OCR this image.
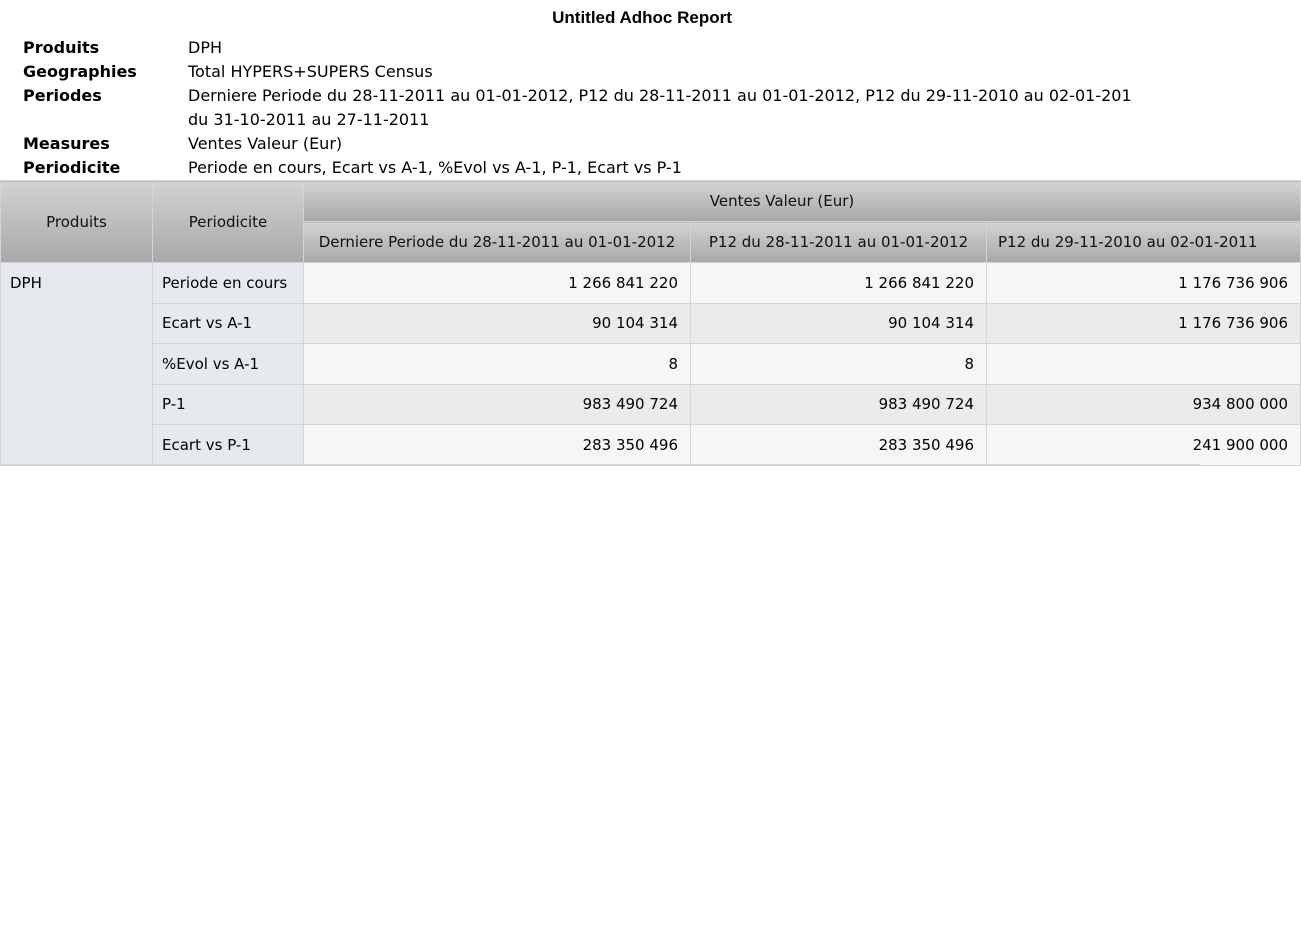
Untitled Adhoc Report
Produits	DPH
Geographies	Total HYPERS+SUPERS Census
Periodes	Derniere Periode du 28-11-2011 au 01-01-2012, P12 du 28-11-2011 au 01-01-2012, P12 du 29-11-2010 au 02-01-201
du 31-10-2011 au 27-11-2011
Measures	Ventes Valeur (Eur)
Periodicite	Periode en cours, Ecart vs A-1, %Evol vs A-1, P-1, Ecart vs P-1
Produits	Periodicite	Ventes Valeur (Eur)		
		Derniere Periode du 28-11-2011 au 01-01-2012	P12 du 28-11-2011 au 01-01-2012	P12 du 29-11-2010 au 02-01-2011
DPH	Periode en cours	1 266 841 220	1 266 841 220	1 176 736 906
	Ecart vs A-1	90 104 314	90 104 314	1 176 736 906
	%Evol vs A-1	8	8	
	P-1	983 490 724	983 490 724	934 800 000
	Ecart vs P-1	283 350 496	283 350 496	241 900 000
